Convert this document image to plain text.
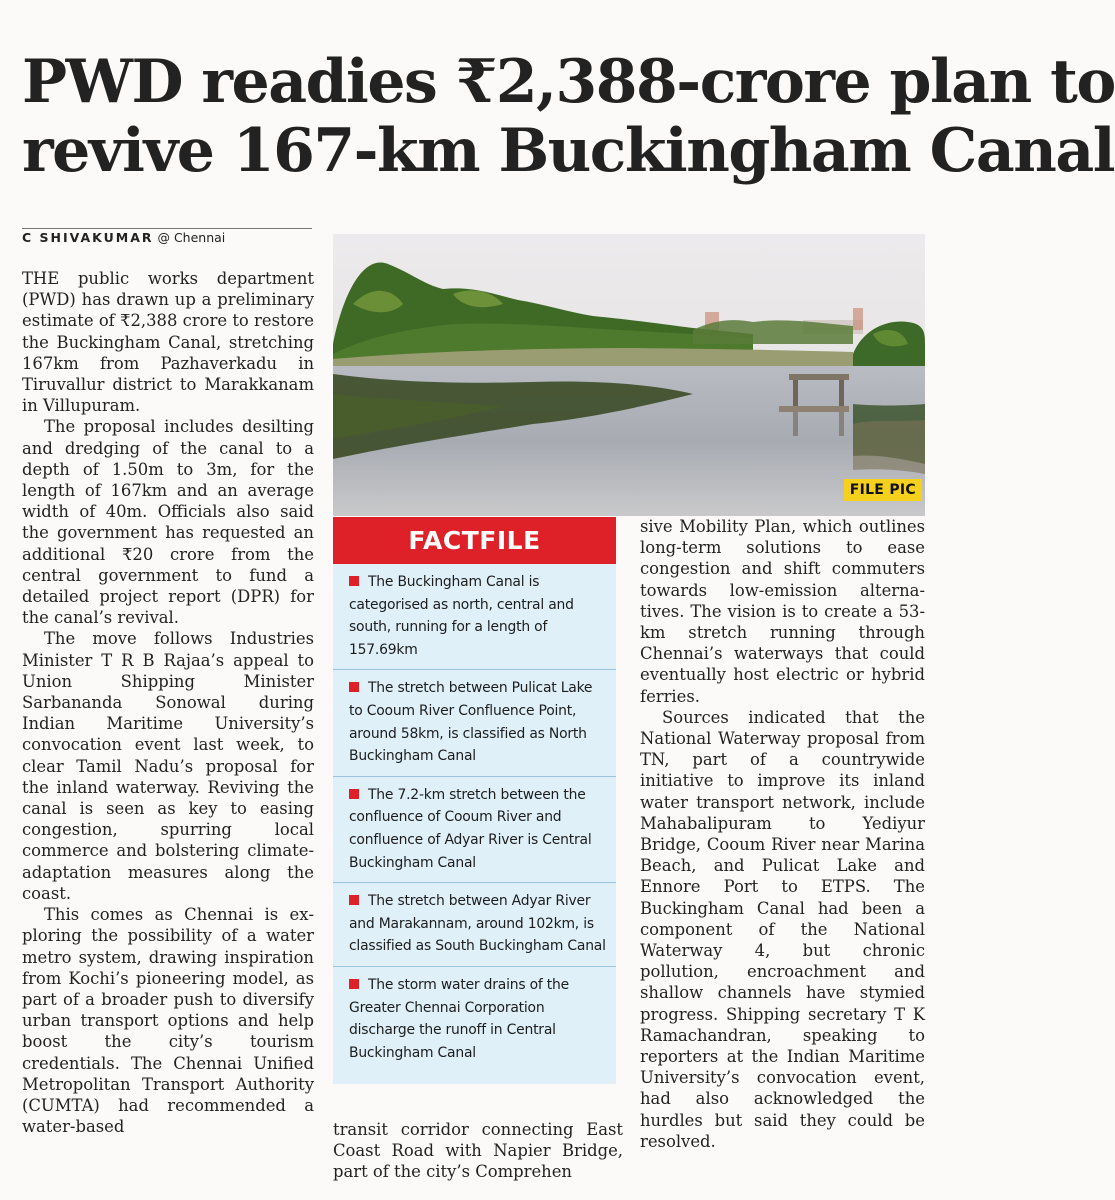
PWD readies ₹2,388-crore plan to
revive 167-km Buckingham Canal
C SHIVAKUMAR @ Chennai

THE public works department (PWD) has drawn up a preliminary estimate of ₹2,388 crore to restore the Buckingham Canal, stretching 167km from Pazhaverkadu in Tiruvallur district to Marakkanam in Villupuram.

The proposal includes desilting and dredging of the canal to a depth of 1.50m to 3m, for the length of 167km and an average width of 40m. Officials also said the government has requested an additional ₹20 crore from the central government to fund a detailed project report (DPR) for the canal’s revival.

The move follows Industries Minister T R B Rajaa’s appeal to Union Shipping Minister Sarbananda Sonowal during Indian Maritime University’s convocation event last week, to clear Tamil Nadu’s proposal for the inland waterway. Reviving the canal is seen as key to easing congestion, spurring local commerce and bolstering climate-adaptation measures along the coast.

This comes as Chennai is exploring the possibility of a water metro system, drawing inspiration from Kochi’s pioneering model, as part of a broader push to diversify urban transport options and help boost the city’s tourism credentials. The Chennai Unified Metropolitan Transport Authority (CUMTA) had recommended a water-based

FILE PIC
FACTFILE
The Buckingham Canal is categorised as north, central and south, running for a length of 157.69km
The stretch between Pulicat Lake to Cooum River Confluence Point, around 58km, is classified as North Buckingham Canal
The 7.2-km stretch between the confluence of Cooum River and confluence of Adyar River is Central Buckingham Canal
The stretch between Adyar River and Marakannam, around 102km, is classified as South Buckingham Canal
The storm water drains of the Greater Chennai Corporation discharge the runoff in Central Buckingham Canal

transit corridor connecting East Coast Road with Napier Bridge, part of the city’s Comprehen

sive Mobility Plan, which outlines long-term solutions to ease congestion and shift commuters towards low-emission alternatives. The vision is to create a 53-km stretch running through Chennai’s waterways that could eventually host electric or hybrid ferries.

Sources indicated that the National Waterway proposal from TN, part of a countrywide initiative to improve its inland water transport network, include Mahabalipuram to Yediyur Bridge, Cooum River near Marina Beach, and Pulicat Lake and Ennore Port to ETPS. The Buckingham Canal had been a component of the National Waterway 4, but chronic pollution, encroachment and shallow channels have stymied progress. Shipping secretary T K Ramachandran, speaking to reporters at the Indian Maritime University’s convocation event, had also acknowledged the hurdles but said they could be resolved.
